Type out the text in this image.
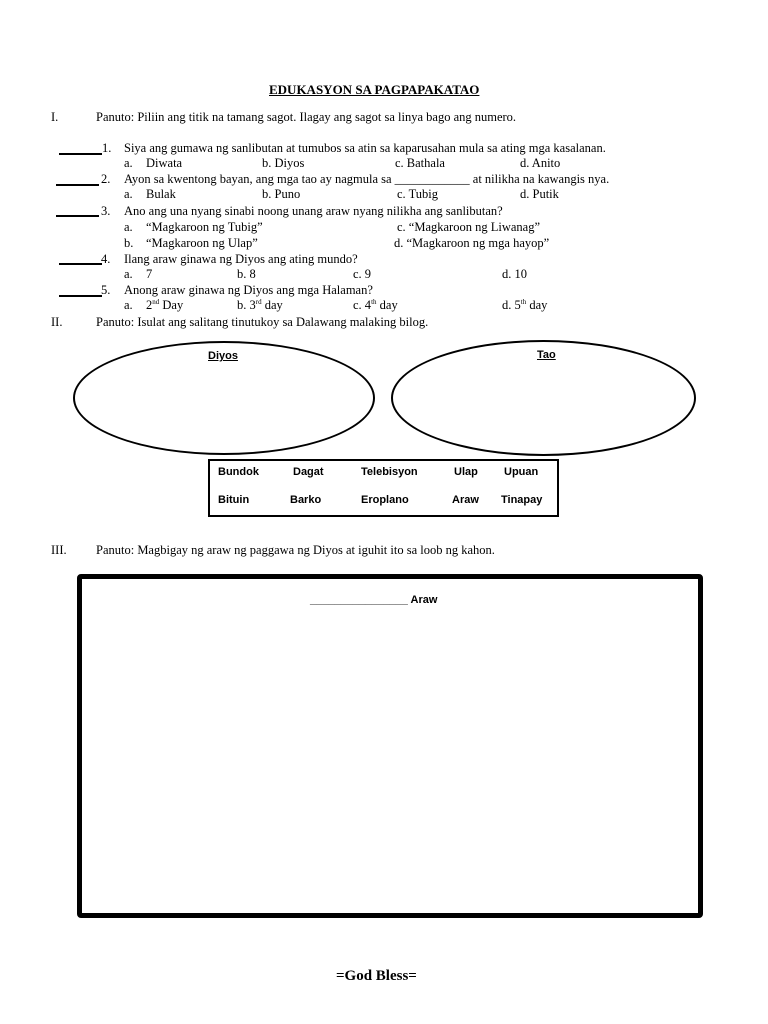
EDUKASYON SA PAGPAPAKATAO
I.	Panuto: Piliin ang titik na tamang sagot. Ilagay ang sagot sa linya bago ang numero.
1. Siya ang gumawa ng sanlibutan at tumubos sa atin sa kaparusahan mula sa ating mga kasalanan.
a. Diwata	b. Diyos	c. Bathala	d. Anito
2. Ayon sa kwentong bayan, ang mga tao ay nagmula sa ____________ at nilikha na kawangis nya.
a. Bulak	b. Puno	c. Tubig	d. Putik
3. Ano ang una nyang sinabi noong unang araw nyang nilikha ang sanlibutan?
a. “Magkaroon ng Tubig”	c. “Magkaroon ng Liwanag”
b. “Magkaroon ng Ulap”	d. “Magkaroon ng mga hayop”
4. Ilang araw ginawa ng Diyos ang ating mundo?
a. 7	b. 8	c. 9	d. 10
5. Anong araw ginawa ng Diyos ang mga Halaman?
a. 2nd Day	b. 3rd day	c. 4th day	d. 5th day
II.	Panuto: Isulat ang salitang tinutukoy sa Dalawang malaking bilog.
Diyos	Tao
Bundok	Dagat	Telebisyon	Ulap Upuan
Bituin	Barko	Eroplano	Araw Tinapay
III. Panuto: Magbigay ng araw ng paggawa ng Diyos at iguhit ito sa loob ng kahon.
________________ Araw
=God Bless=
